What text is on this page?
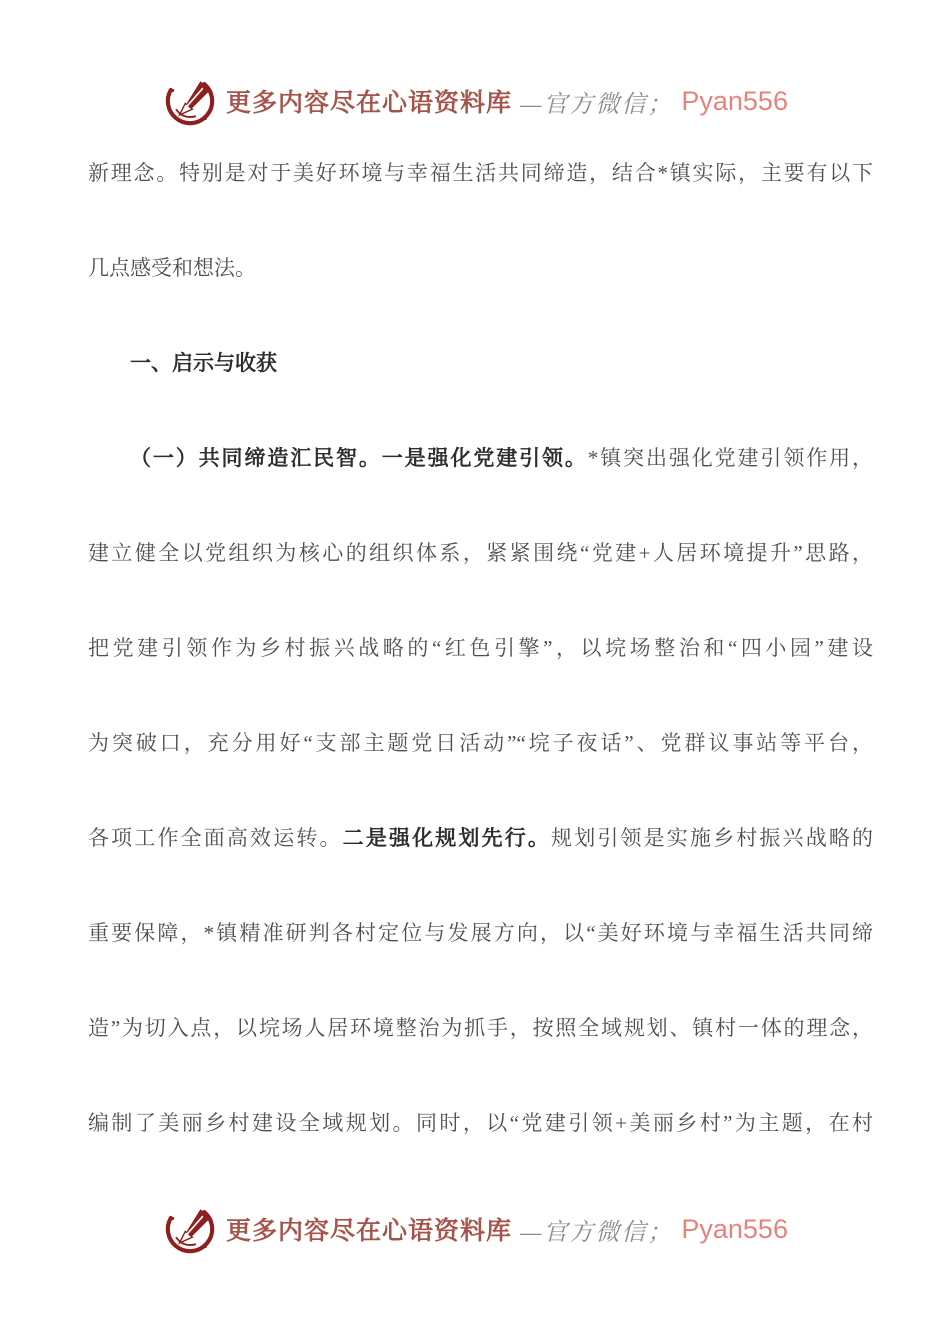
更多内容尽在心语资料库 —官方微信； Pyan556
新理念。特别是对于美好环境与幸福生活共同缔造，结合*镇实际，主要有以下
几点感受和想法。
一、启示与收获
（一）共同缔造汇民智。一是强化党建引领。*镇突出强化党建引领作用，
建立健全以党组织为核心的组织体系，紧紧围绕“党建+人居环境提升”思路，
把党建引领作为乡村振兴战略的“红色引擎”，以垸场整治和“四小园”建设
为突破口，充分用好“支部主题党日活动”“垸子夜话”、党群议事站等平台，
各项工作全面高效运转。二是强化规划先行。规划引领是实施乡村振兴战略的
重要保障，*镇精准研判各村定位与发展方向，以“美好环境与幸福生活共同缔
造”为切入点，以垸场人居环境整治为抓手，按照全域规划、镇村一体的理念，
编制了美丽乡村建设全域规划。同时，以“党建引领+美丽乡村”为主题，在村
更多内容尽在心语资料库 —官方微信； Pyan556
